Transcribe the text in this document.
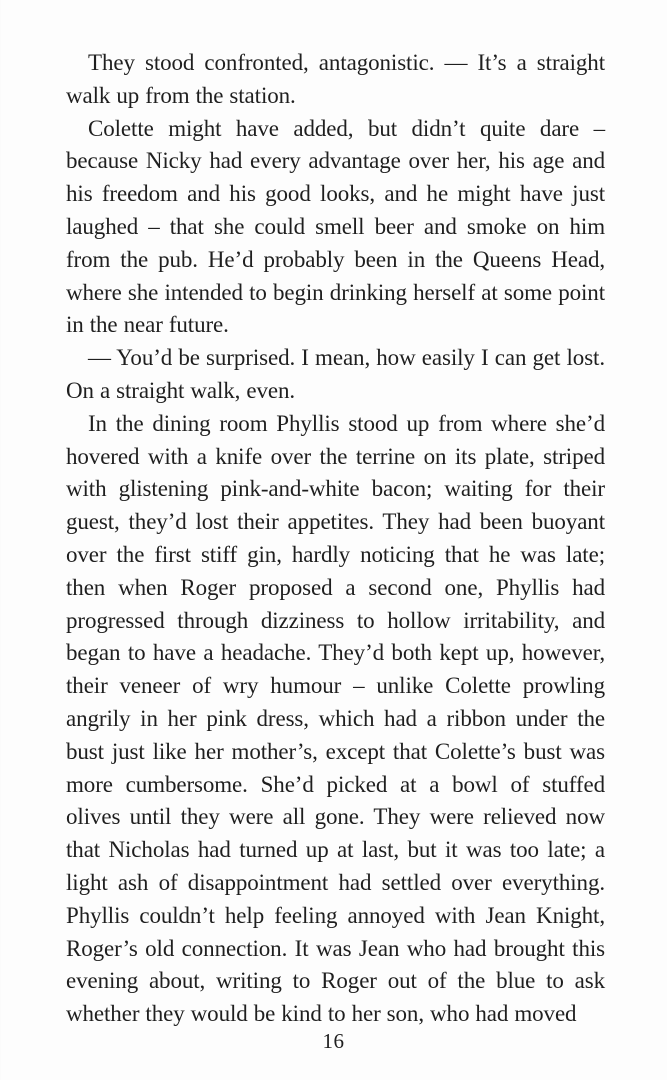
They stood confronted, antagonistic. — It’s a straight walk up from the station.

Colette might have added, but didn’t quite dare – because Nicky had every advantage over her, his age and his freedom and his good looks, and he might have just laughed – that she could smell beer and smoke on him from the pub. He’d probably been in the Queens Head, where she intended to begin drinking herself at some point in the near future.

— You’d be surprised. I mean, how easily I can get lost. On a straight walk, even.

In the dining room Phyllis stood up from where she’d hovered with a knife over the terrine on its plate, striped with glistening pink-and-white bacon; waiting for their guest, they’d lost their appetites. They had been buoyant over the first stiff gin, hardly noticing that he was late; then when Roger proposed a second one, Phyllis had progressed through dizziness to hollow irritability, and began to have a headache. They’d both kept up, however, their veneer of wry humour – unlike Colette prowling angrily in her pink dress, which had a ribbon under the bust just like her mother’s, except that Colette’s bust was more cumbersome. She’d picked at a bowl of stuffed olives until they were all gone. They were relieved now that Nicholas had turned up at last, but it was too late; a light ash of disappointment had settled over everything. Phyllis couldn’t help feeling annoyed with Jean Knight, Roger’s old connection. It was Jean who had brought this evening about, writing to Roger out of the blue to ask whether they would be kind to her son, who had moved

16
